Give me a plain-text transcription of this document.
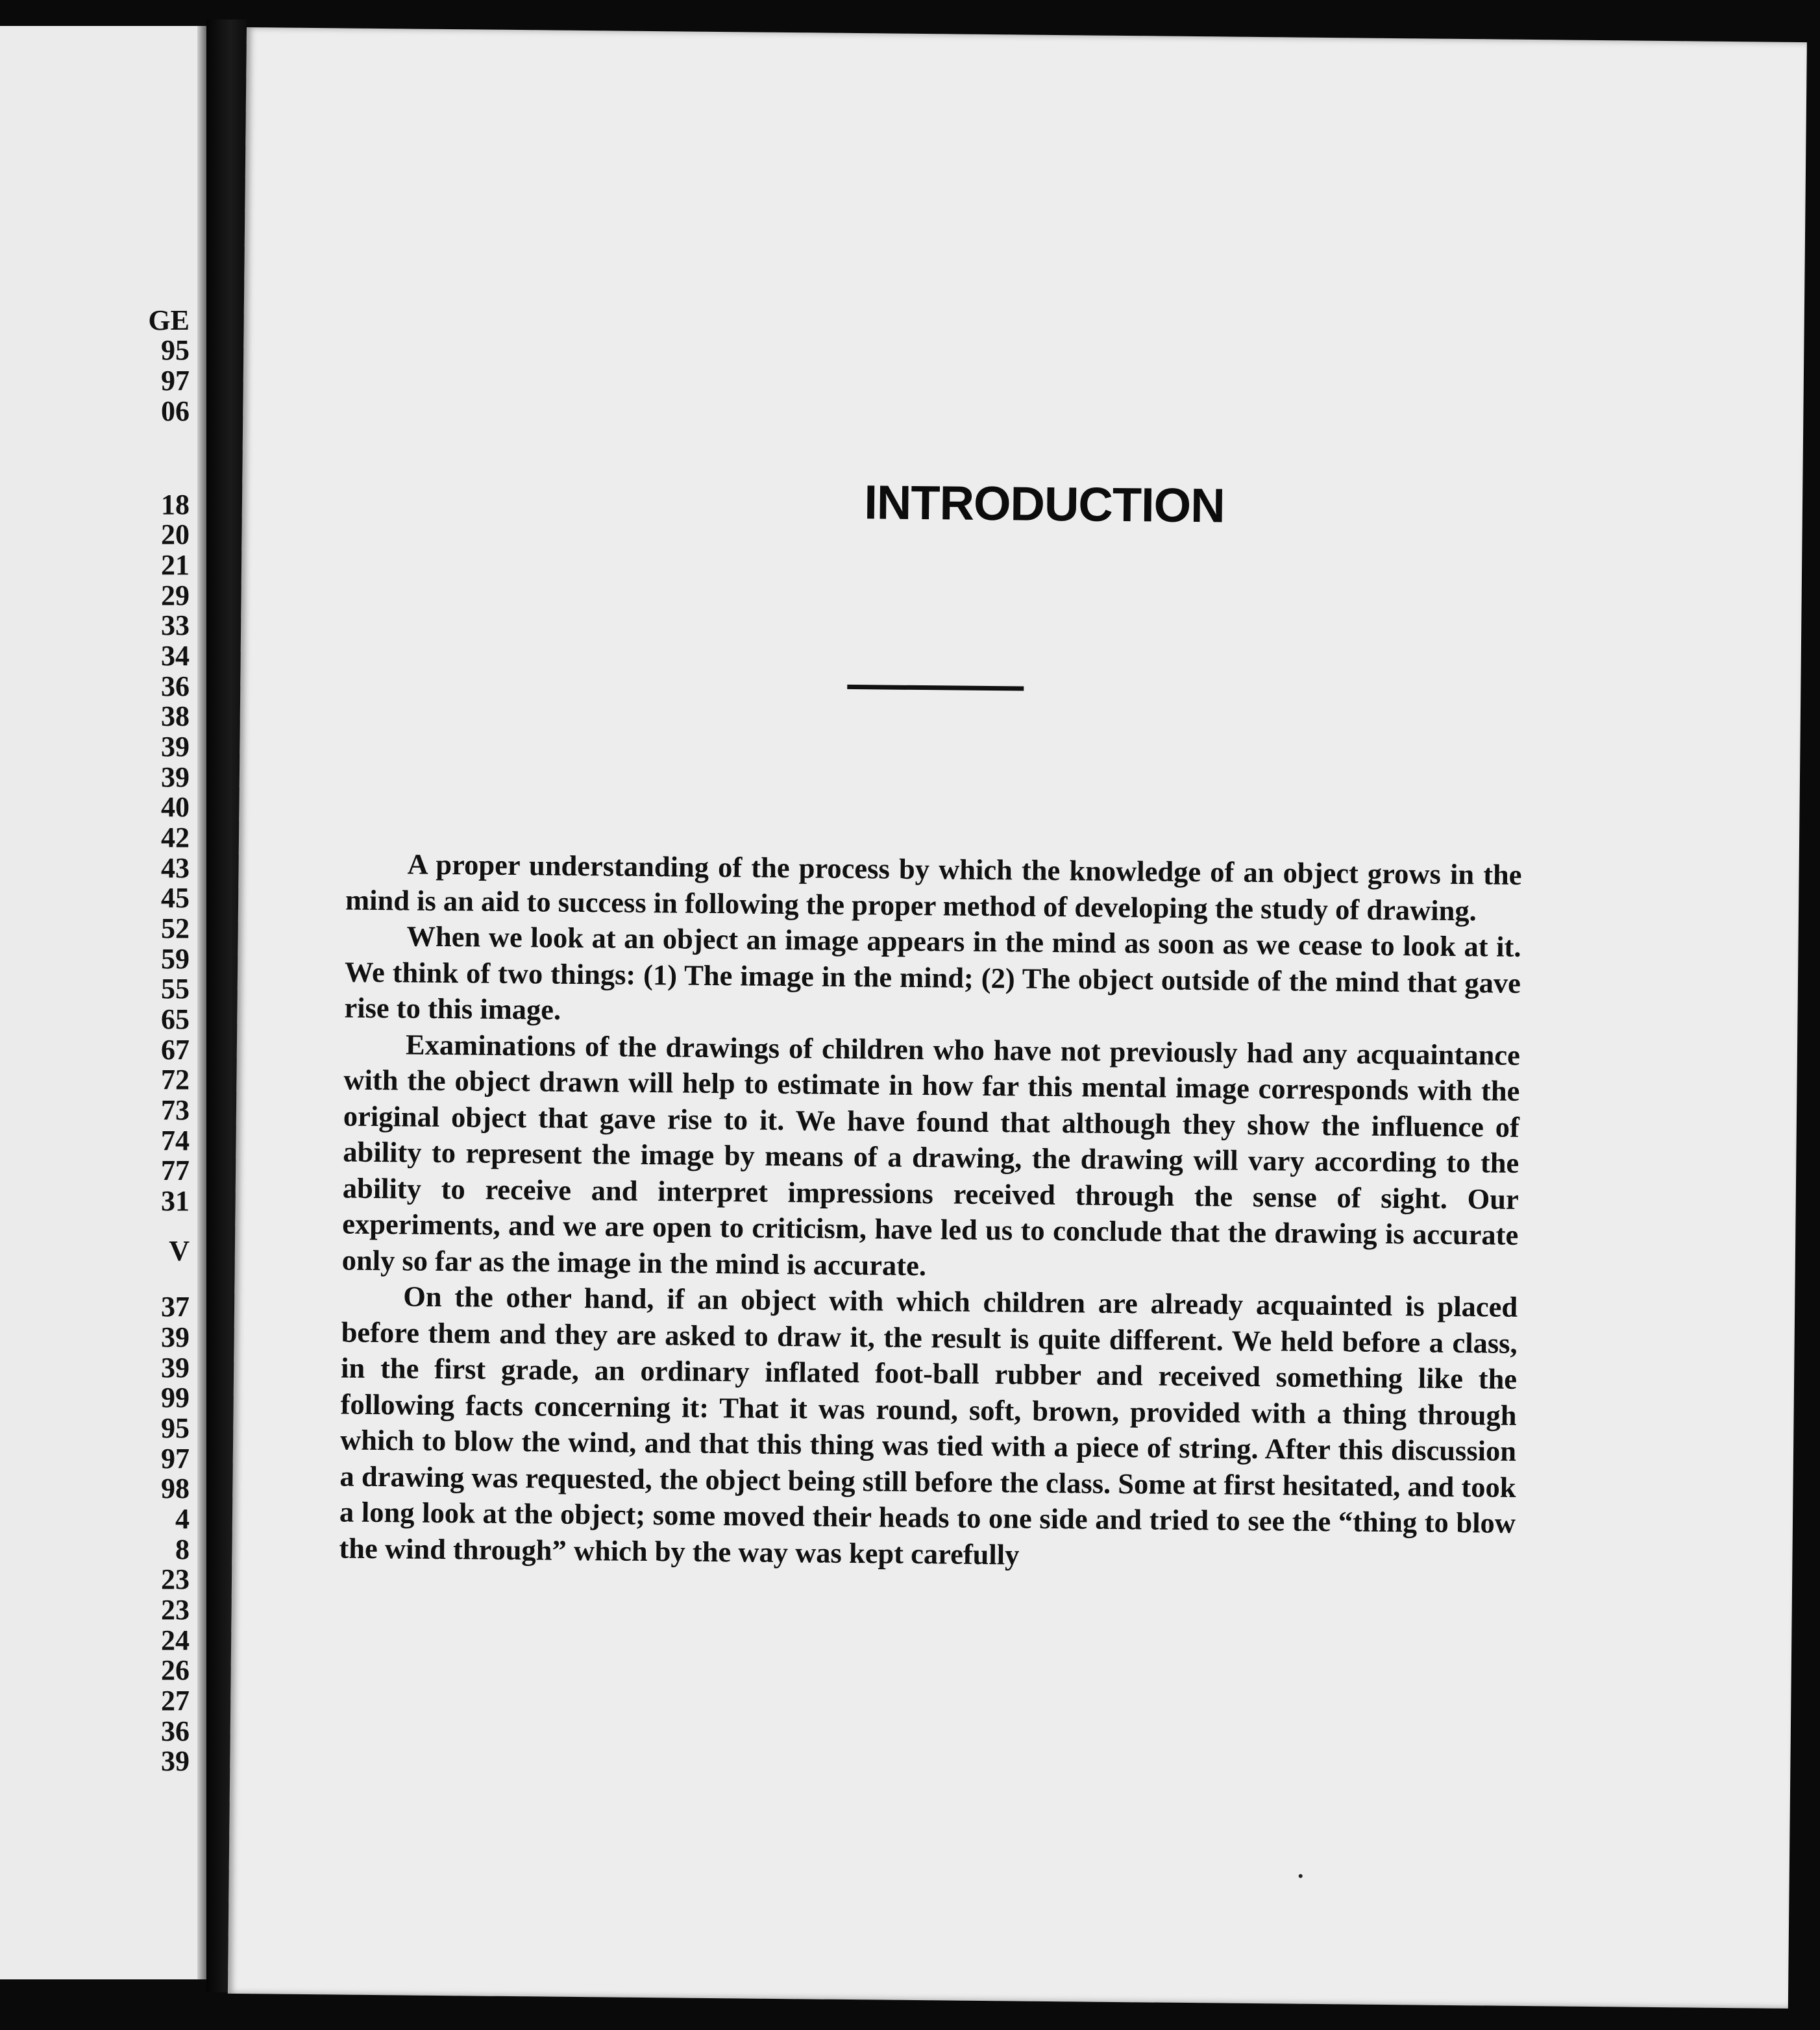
GE
95
97
06
18
20
21
29
33
34
36
38
39
39
40
42
43
45
52
59
55
65
67
72
73
74
77
31
V
37
39
39
99
95
97
98
4
8
23
23
24
26
27
36
39
INTRODUCTION

A proper understanding of the process by which the knowledge of an object grows in the mind is an aid to success in following the proper method of developing the study of drawing.

When we look at an object an image appears in the mind as soon as we cease to look at it. We think of two things: (1) The image in the mind; (2) The object outside of the mind that gave rise to this image.

Examinations of the drawings of children who have not previously had any acquaintance with the object drawn will help to estimate in how far this mental image corresponds with the original object that gave rise to it. We have found that although they show the influence of ability to represent the image by means of a drawing, the drawing will vary according to the ability to receive and interpret impressions received through the sense of sight. Our experiments, and we are open to criticism, have led us to conclude that the drawing is accurate only so far as the image in the mind is accurate.

On the other hand, if an object with which children are already acquainted is placed before them and they are asked to draw it, the result is quite different. We held before a class, in the first grade, an ordinary inflated foot-ball rubber and received something like the following facts concerning it: That it was round, soft, brown, provided with a thing through which to blow the wind, and that this thing was tied with a piece of string. After this discussion a drawing was requested, the object being still before the class. Some at first hesitated, and took a long look at the object; some moved their heads to one side and tried to see the “thing to blow the wind through” which by the way was kept carefully
